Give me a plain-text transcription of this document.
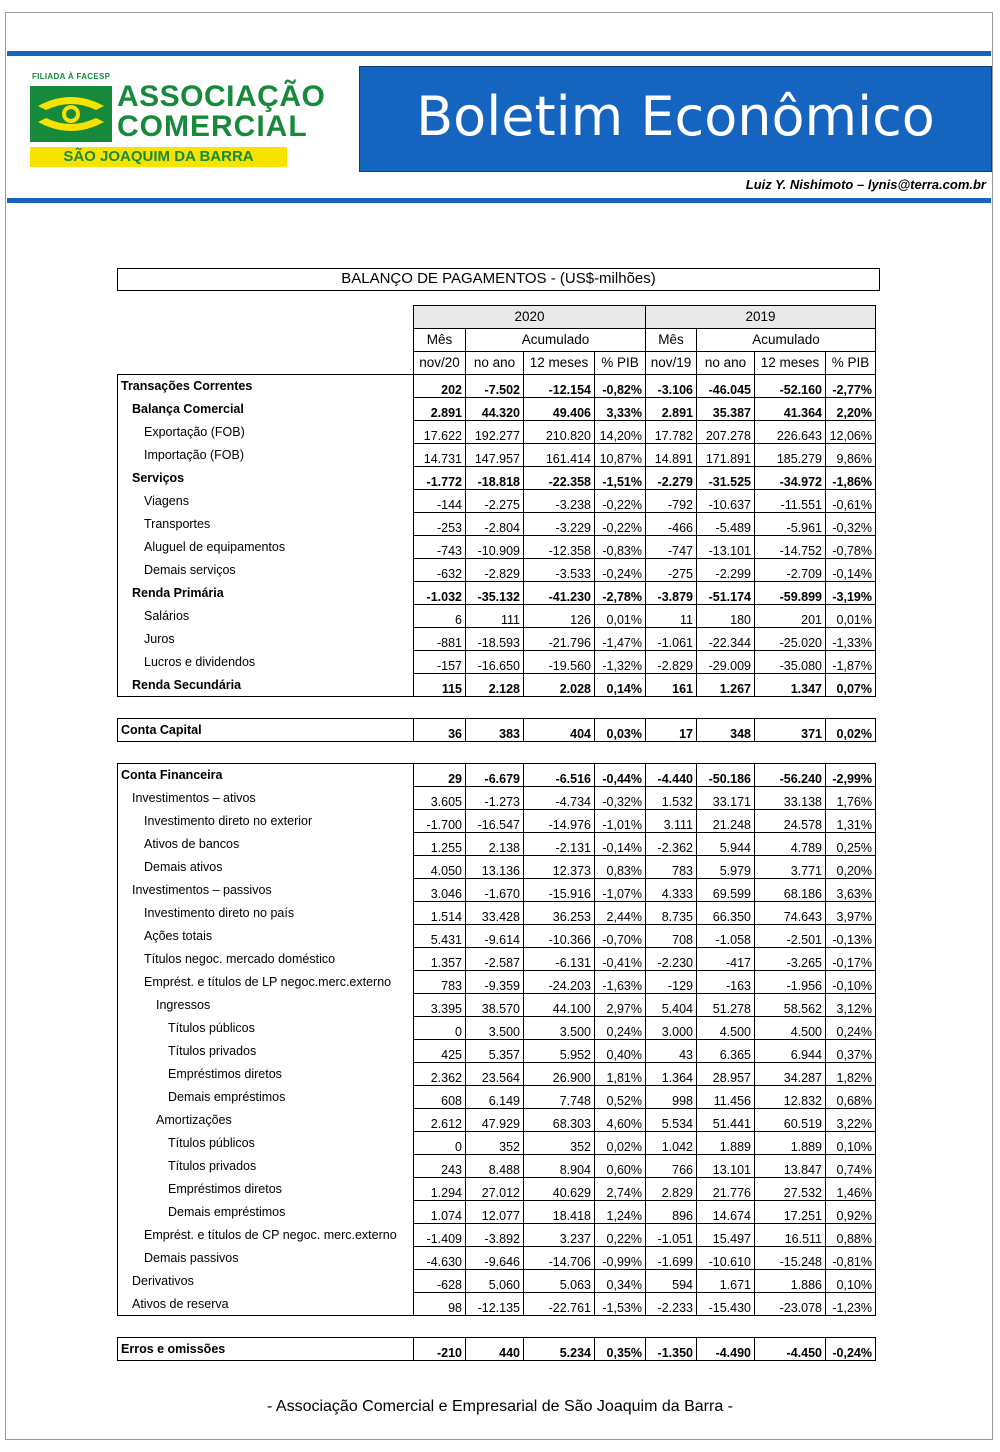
FILIADA À FACESP
ASSOCIAÇÃO
COMERCIAL
SÃO JOAQUIM DA BARRA
Boletim Econômico
Luiz Y. Nishimoto – lynis@terra.com.br
BALANÇO DE PAGAMENTOS - (US$-milhões)
	2020				2019			
	Mês	Acumulado			Mês	Acumulado		
	nov/20	no ano	12 meses	% PIB	nov/19	no ano	12 meses	% PIB
Transações Correntes	202	-7.502	-12.154	-0,82%	-3.106	-46.045	-52.160	-2,77%
Balança Comercial	2.891	44.320	49.406	3,33%	2.891	35.387	41.364	2,20%
Exportação (FOB)	17.622	192.277	210.820	14,20%	17.782	207.278	226.643	12,06%
Importação (FOB)	14.731	147.957	161.414	10,87%	14.891	171.891	185.279	9,86%
Serviços	-1.772	-18.818	-22.358	-1,51%	-2.279	-31.525	-34.972	-1,86%
Viagens	-144	-2.275	-3.238	-0,22%	-792	-10.637	-11.551	-0,61%
Transportes	-253	-2.804	-3.229	-0,22%	-466	-5.489	-5.961	-0,32%
Aluguel de equipamentos	-743	-10.909	-12.358	-0,83%	-747	-13.101	-14.752	-0,78%
Demais serviços	-632	-2.829	-3.533	-0,24%	-275	-2.299	-2.709	-0,14%
Renda Primária	-1.032	-35.132	-41.230	-2,78%	-3.879	-51.174	-59.899	-3,19%
Salários	6	111	126	0,01%	11	180	201	0,01%
Juros	-881	-18.593	-21.796	-1,47%	-1.061	-22.344	-25.020	-1,33%
Lucros e dividendos	-157	-16.650	-19.560	-1,32%	-2.829	-29.009	-35.080	-1,87%
Renda Secundária	115	2.128	2.028	0,14%	161	1.267	1.347	0,07%

Conta Capital	36	383	404	0,03%	17	348	371	0,02%

Conta Financeira	29	-6.679	-6.516	-0,44%	-4.440	-50.186	-56.240	-2,99%
Investimentos – ativos	3.605	-1.273	-4.734	-0,32%	1.532	33.171	33.138	1,76%
Investimento direto no exterior	-1.700	-16.547	-14.976	-1,01%	3.111	21.248	24.578	1,31%
Ativos de bancos	1.255	2.138	-2.131	-0,14%	-2.362	5.944	4.789	0,25%
Demais ativos	4.050	13.136	12.373	0,83%	783	5.979	3.771	0,20%
Investimentos – passivos	3.046	-1.670	-15.916	-1,07%	4.333	69.599	68.186	3,63%
Investimento direto no país	1.514	33.428	36.253	2,44%	8.735	66.350	74.643	3,97%
Ações totais	5.431	-9.614	-10.366	-0,70%	708	-1.058	-2.501	-0,13%
Títulos negoc. mercado doméstico	1.357	-2.587	-6.131	-0,41%	-2.230	-417	-3.265	-0,17%
Emprést. e títulos de LP negoc.merc.externo	783	-9.359	-24.203	-1,63%	-129	-163	-1.956	-0,10%
Ingressos	3.395	38.570	44.100	2,97%	5.404	51.278	58.562	3,12%
Títulos públicos	0	3.500	3.500	0,24%	3.000	4.500	4.500	0,24%
Títulos privados	425	5.357	5.952	0,40%	43	6.365	6.944	0,37%
Empréstimos diretos	2.362	23.564	26.900	1,81%	1.364	28.957	34.287	1,82%
Demais empréstimos	608	6.149	7.748	0,52%	998	11.456	12.832	0,68%
Amortizações	2.612	47.929	68.303	4,60%	5.534	51.441	60.519	3,22%
Títulos públicos	0	352	352	0,02%	1.042	1.889	1.889	0,10%
Títulos privados	243	8.488	8.904	0,60%	766	13.101	13.847	0,74%
Empréstimos diretos	1.294	27.012	40.629	2,74%	2.829	21.776	27.532	1,46%
Demais empréstimos	1.074	12.077	18.418	1,24%	896	14.674	17.251	0,92%
Emprést. e títulos de CP negoc. merc.externo	-1.409	-3.892	3.237	0,22%	-1.051	15.497	16.511	0,88%
Demais passivos	-4.630	-9.646	-14.706	-0,99%	-1.699	-10.610	-15.248	-0,81%
Derivativos	-628	5.060	5.063	0,34%	594	1.671	1.886	0,10%
Ativos de reserva	98	-12.135	-22.761	-1,53%	-2.233	-15.430	-23.078	-1,23%

Erros e omissões	-210	440	5.234	0,35%	-1.350	-4.490	-4.450	-0,24%
- Associação Comercial e Empresarial de São Joaquim da Barra -
